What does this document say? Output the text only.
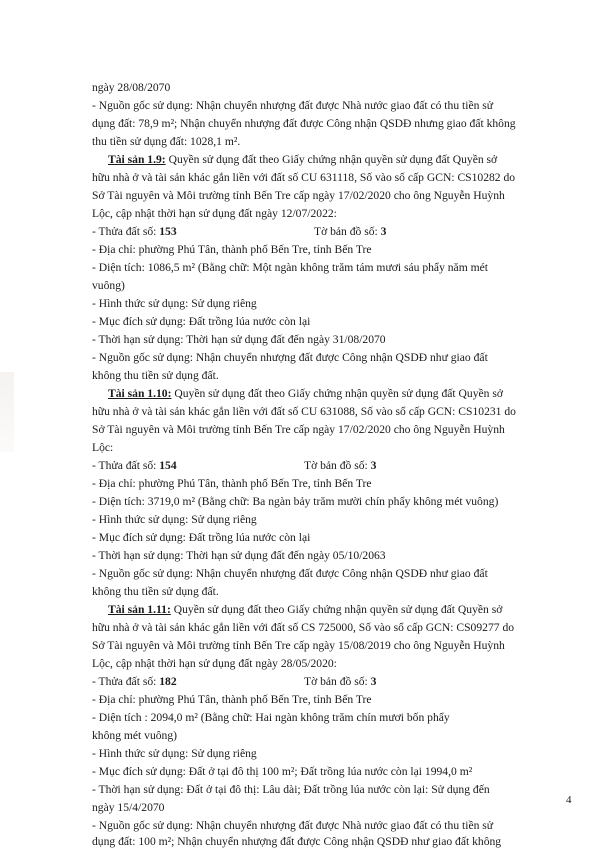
ngày 28/08/2070
- Nguồn gốc sử dụng: Nhận chuyển nhượng đất được Nhà nước giao đất có thu tiền sử
dụng đất: 78,9 m²; Nhận chuyển nhượng đất được Công nhận QSDĐ nhưng giao đất không
thu tiền sử dụng đất: 1028,1 m².
Tài sản 1.9: Quyền sử dụng đất theo Giấy chứng nhận quyền sử dụng đất Quyền sở
hữu nhà ở và tài sản khác gắn liền với đất số CU 631118, Số vào số cấp GCN: CS10282 do
Sở Tài nguyên và Môi trường tỉnh Bến Tre cấp ngày 17/02/2020 cho ông Nguyễn Huỳnh
Lộc, cập nhật thời hạn sử dụng đất ngày 12/07/2022:
- Thửa đất số: 153	Tờ bản đồ số: 3
- Địa chỉ: phường Phú Tân, thành phố Bến Tre, tỉnh Bến Tre
- Diện tích: 1086,5 m² (Bằng chữ: Một ngàn không trăm tám mươi sáu phẩy năm mét
vuông)
- Hình thức sử dụng: Sử dụng riêng
- Mục đích sử dụng: Đất trồng lúa nước còn lại
- Thời hạn sử dụng: Thời hạn sử dụng đất đến ngày 31/08/2070
- Nguồn gốc sử dụng: Nhận chuyển nhượng đất được Công nhận QSDĐ như giao đất
không thu tiền sử dụng đất.
Tài sản 1.10: Quyền sử dụng đất theo Giấy chứng nhận quyền sử dụng đất Quyền sở
hữu nhà ở và tài sản khác gắn liền với đất số CU 631088, Số vào sổ cấp GCN: CS10231 do
Sở Tài nguyên và Môi trường tỉnh Bến Tre cấp ngày 17/02/2020 cho ông Nguyễn Huỳnh
Lộc:
- Thửa đất số: 154	Tờ bản đồ số: 3
- Địa chỉ: phường Phú Tân, thành phố Bến Tre, tỉnh Bến Tre
- Diện tích: 3719,0 m² (Bằng chữ: Ba ngàn bảy trăm mười chín phẩy không mét vuông)
- Hình thức sử dụng: Sử dụng riêng
- Mục đích sử dụng: Đất trồng lúa nước còn lại
- Thời hạn sử dụng: Thời hạn sử dụng đất đến ngày 05/10/2063
- Nguồn gốc sử dụng: Nhận chuyển nhượng đất được Công nhận QSDĐ như giao đất
không thu tiền sử dụng đất.
Tài sản 1.11: Quyền sử dụng đất theo Giấy chứng nhận quyền sử dụng đất Quyền sở
hữu nhà ở và tài sản khác gắn liền với đất số CS 725000, Số vào sổ cấp GCN: CS09277 do
Sở Tài nguyên và Môi trường tỉnh Bến Tre cấp ngày 15/08/2019 cho ông Nguyễn Huỳnh
Lộc, cập nhật thời hạn sử dụng đất ngày 28/05/2020:
- Thửa đất số: 182	Tờ bản đồ số: 3
- Địa chỉ: phường Phú Tân, thành phố Bến Tre, tỉnh Bến Tre
- Diện tích : 2094,0 m² (Bằng chữ: Hai ngàn không trăm chín mươi bốn phẩy
không mét vuông)
- Hình thức sử dụng: Sử dụng riêng
- Mục đích sử dụng: Đất ở tại đô thị 100 m²; Đất trồng lúa nước còn lại 1994,0 m²
- Thời hạn sử dụng: Đất ở tại đô thị: Lâu dài; Đất trồng lúa nước còn lại: Sử dụng đến
ngày 15/4/2070
- Nguồn gốc sử dụng: Nhận chuyển nhượng đất được Nhà nước giao đất có thu tiền sử
dụng đất: 100 m²; Nhận chuyển nhượng đất được Công nhận QSDĐ như giao đất không
4
